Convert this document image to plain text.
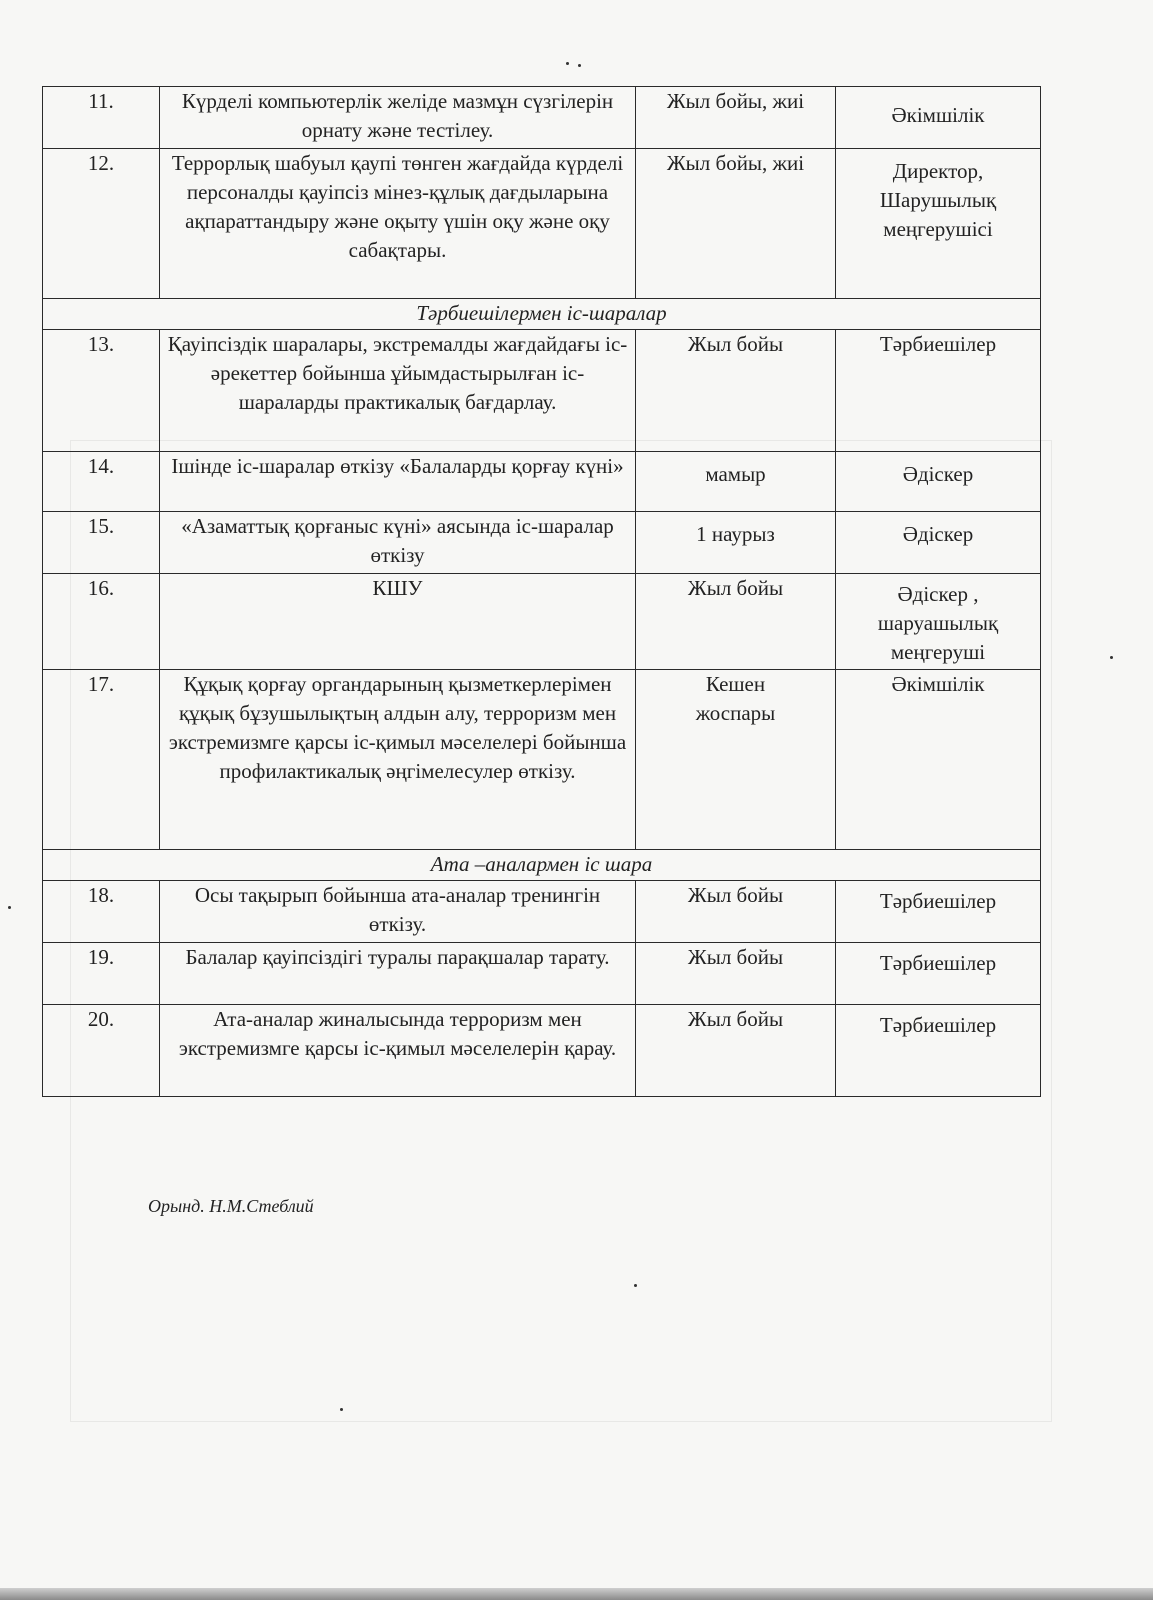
11.	Күрделі компьютерлік желіде мазмұн сүзгілерін орнату және тестілеу.	Жыл бойы, жиі	Әкімшілік
12.	Террорлық шабуыл қаупі төнген жағдайда күрделі персоналды қауіпсіз мінез-құлық дағдыларына ақпараттандыру және оқыту үшін оқу және оқу сабақтары.	Жыл бойы, жиі	Директор, Шарушылық меңгерушісі
Тәрбиешілермен іс-шаралар			
13.	Қауіпсіздік шаралары, экстремалды жағдайдағы іс-әрекеттер бойынша ұйымдастырылған іс-шараларды практикалық бағдарлау.	Жыл бойы	Тәрбиешілер
14.	Ішінде іс-шаралар өткізу «Балаларды қорғау күні»	мамыр	Әдіскер
15.	«Азаматтық қорғаныс күні» аясында іс-шаралар өткізу	1 наурыз	Әдіскер
16.	КШУ	Жыл бойы	Әдіскер , шаруашылық меңгеруші
17.	Құқық қорғау органдарының қызметкерлерімен құқық бұзушылықтың алдын алу, терроризм мен экстремизмге қарсы іс-қимыл мәселелері бойынша профилактикалық әңгімелесулер өткізу.	Кешен жоспары	Әкімшілік
Ата –аналармен іс шара			
18.	Осы тақырып бойынша ата-аналар тренингін өткізу.	Жыл бойы	Тәрбиешілер
19.	Балалар қауіпсіздігі туралы парақшалар тарату.	Жыл бойы	Тәрбиешілер
20.	Ата-аналар жиналысында терроризм мен экстремизмге қарсы іс-қимыл мәселелерін қарау.	Жыл бойы	Тәрбиешілер
Орынд. Н.М.Стеблий
